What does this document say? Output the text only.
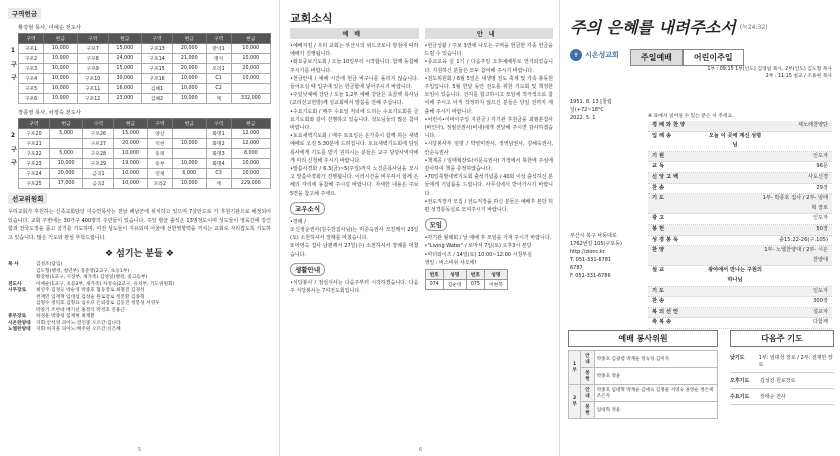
구역헌금
1 구 구
황강현 목사, 이예순 전도사
구역	헌금	구역	헌금	구역	헌금	구역	헌금
구포1	10,000	구포7	15,000	구포13	20,000	만덕1	10,000
구포2	10,000	구포8	24,000	구포14	21,000	명지	10,000
구포3	10,000	구포9	15,000	구포15	20,000	모라1	20,000
구포4	10,000	구포10	30,000	구포16	10,000	C1	10,000
구포5	10,000	구포11	16,000	김해1	10,000	C2	
구포6	10,000	구포12	23,000	김해2	10,000	계	332,000
2 구 구
장종영 목사, 차정숙 전도사
구역	헌금	구역	헌금	구역	헌금	구역	헌금
구포20	5,000	구포26	15,000	양산		화명1	12,000
구포21		구포27	20,000	덕천	10,000	화명2	12,000
구포22	5,000	구포28	10,000	동래		화명3	8,000
구포23	10,000	구포29	19,000	동부	10,000	화명4	10,000
구포24	20,000	금곡1	10,000	연제	6,000	C3	10,000
구포25	17,000	금곡2	10,000	모라2	10,000	계	229,000
선교위원회
우리교회가 후원하는 신족교회담당 이승연목사는 전날 해남군에 위치하고 있으며 7살만드로 가 후원기관으로 배정되어 있습니다. 교회 주변에는 30가구 400명의 주민들이 있습니다. 주일 평균 출석은 13명정도이며 성도들이 영육간에 강건함과 전국도정을 품고 살기를 기도하며, 여전 성도들이 지유되며 아울에 선한영향력을 끼치는 교회로 자리잡도록 기도하고 있습니다. 많은 기도와 관심 부탁드립니다.
❖ 섬기는 분들 ❖
목 사	김성조(담임)
김도형(행정, 청년부) 장준영(2교구, 초등1부)
황강현(1교구, 시장부, 새가족) 김영일(행정, 중고등부)
전도사	이예순(1교구, 초등2부, 새가족) 차정숙(2교구, 유치부, 기도위원회)
시무장로	최연주 김경응 박순영 박종호 협동장로 최철진 김경석
천재민 임재혁 임대섭 김성술 원로장로 정봉환 김종형
김형수 정덕호 김형표 임우포 은퇴장로 김동진 정봉성 서영우
박종기 조한대 배기선 홍정식 박정호 진홍근
휴무장로	하경훈 박종성 심재현 최재환
시온찬양대	지휘:안석영 피아노:전인종 오르간:김나라
노엘찬양대	지휘:허지훈 피아노:배주원 오르간:신은혜
5
교회소식
예배
•예배지킴 / 우리 교회는 부산시의 위드코로나 방침에 따라 예배가 진행됩니다.
•화요중보기도회 / 오늘 10일부터 시작합니다. 함께 동참해 주시기를 바랍니다.
•헌금안내 / 예배 시간에 헌금 바구니를 돌리지 않습니다. 들어오실 때 입구에 있는 헌금함에 넣어주시기 바랍니다.
•주일낮예배 강단 / 오늘 1,2부 예배 강단은 초콜렛 목사님(교리선교헌방)께 성교회에서 말씀을 전해 주십니다.
•수요기도회 / 매주 수요일 저녁에 드리는 수요기도회를 금요기도회와 같이 진행하고 있습니다. 성도님들의 많은 참여 바랍니다.
•토요새벽기도회 / 매주 토요일은 온가족이 함께 하는 새벽예배로 오전 5:30분에 드려집니다. 토요새벽기도회에 담임목사에게 기도를 받기 원하시는 분들은 교구 담당사역자에게 미리 신청해 주시기 바랍니다.
•말씀사경회 / 6.3(금)~5(주일)까지 노진준목사님을 모시고 말씀사경회가 진행됩니다. 이러시간을 비우셔서 함께 은혜의 자리에 동참해 주시길 바랍니다. 자세한 내용은 주보 5면을 참고해 주세요.
교우소식
•장례 /
①신정순권사(김수찬집사님)는 미준옥권사 모친께서 23일(토) 소천하셔서 장례를 마쳤습니다.
②마영숙 집사 남편께서 27일(수) 소천하셔서 장례를 마쳤습니다.
생활안내
•식당봉사 / 점심식사는 다음주부터 시작하겠습니다. 다음주 식당봉사는 7여전도회입니다.
안내
•헌금성활 / 주보 3면에 나오는 구역을 헌금한 각종 헌금을 드릴 수 있습니다.
•종교교육 실 1기 / 다음주일 오후예배부로 연기되었습니다. 지원하신 분들은 모두 참여해 주시기 바랍니다.
•전도위원회 / 6월 5일은 새생명 전도 축제 및 가족 총동원 주일입니다. 5월 한달 동안 전도를 위한 기도회 및 책정한 모임이 있습니다. 건지를 합고하시고 모임에 적극적으로 참여해 주시고 아직 작정하지 않으신 분들은 당일 전까지 제출해 주시기 바랍니다.
•어린이•이바이주일 지원금 / 각기관 후원금을 최필훈집사(바인아), 정필선권사(바내)에게 전달해 주시면 감사하겠습니다.
•시당봉사부 임명 / 박양미권사, 정영남권사, 김해숙권사, 안순옥권사
•책제공 / 임태혁장로(어문옥권사) 가정에서 북한에 주심에 감사하여 책을 증정하였습니다.
•70일축발새벽기도회 출석기념품 / 40회 이상 출석하신 분들에게 기념품을 드립니다. 사무실에서 받아가시기 바랍니다.
•전도직장자 모집 / 전도직장을 하신 분들은 예배후 본당 뒤편 성경통독실로 모여주시기 바랍니다.
모임
•각기관 월례회 / 날 예배 후 모임을 가져 주시기 바랍니다.
•"Living Water" / 로마서 7일(토) 오후3시 본당
•마더와이즈 / 14일(토) 10:00~12:00 시청부실
생일 : 비스비쉬 샤오에!
번호	성명	번호	성명
074	김순영	075	이현복
6
주의 은혜를 내려주소서 (눅24:32)
✝ 시온성교회	주일예배	어린이주일
1부 : 09:15 1부(인도) 김영일 목사, 2부(인도) 김도형 목사
2부 : 11:15 설교 / 조용현 목사
1951. 8. 13 [창립
닐(+72~18°C
2022. 5. 1
부산시 북구 낙동대로
1762번길 105(구포동)
http://zionc.kr
T. 051-331-6781
6787
F. 051-331-6786
※ 표에서 일어설 수 있는 분은 서 주세요.
경배와찬양	새노래찬양단
입례송	오늘 이 곳에 계신 성령님
기원	인도자
교독	96문
신앙고백	사도신경
찬송	29장
기도	1부- 박종호 집사 / 2부- 임태혁 장로
광고	인도자
봉헌	50장
성경봉독	출15:22-26(구,105)
찬양	1부- 노엘찬양대 / 2부- 시온찬양대
설교	광야에서 만나는 구원의 하나님
기도	인도자
찬송	300장
복의선언	설교자
축복송	다함께
예배 봉사위원
1부	안내	박종호 김광령 박계순 정숙경 김미자
	봉헌	박종호 정윤
2부	안내	박종호 임대혁 박계순 김애숙 김정울 서영숙 권영순 정은택 조은자
	봉헌	임대혁 정윤
다음주 기도
낮기도	1부: 임대성 장로 / 2부: 전재만 장로
오후기도	김성진 원로장로
수요기도	장태순 전사
